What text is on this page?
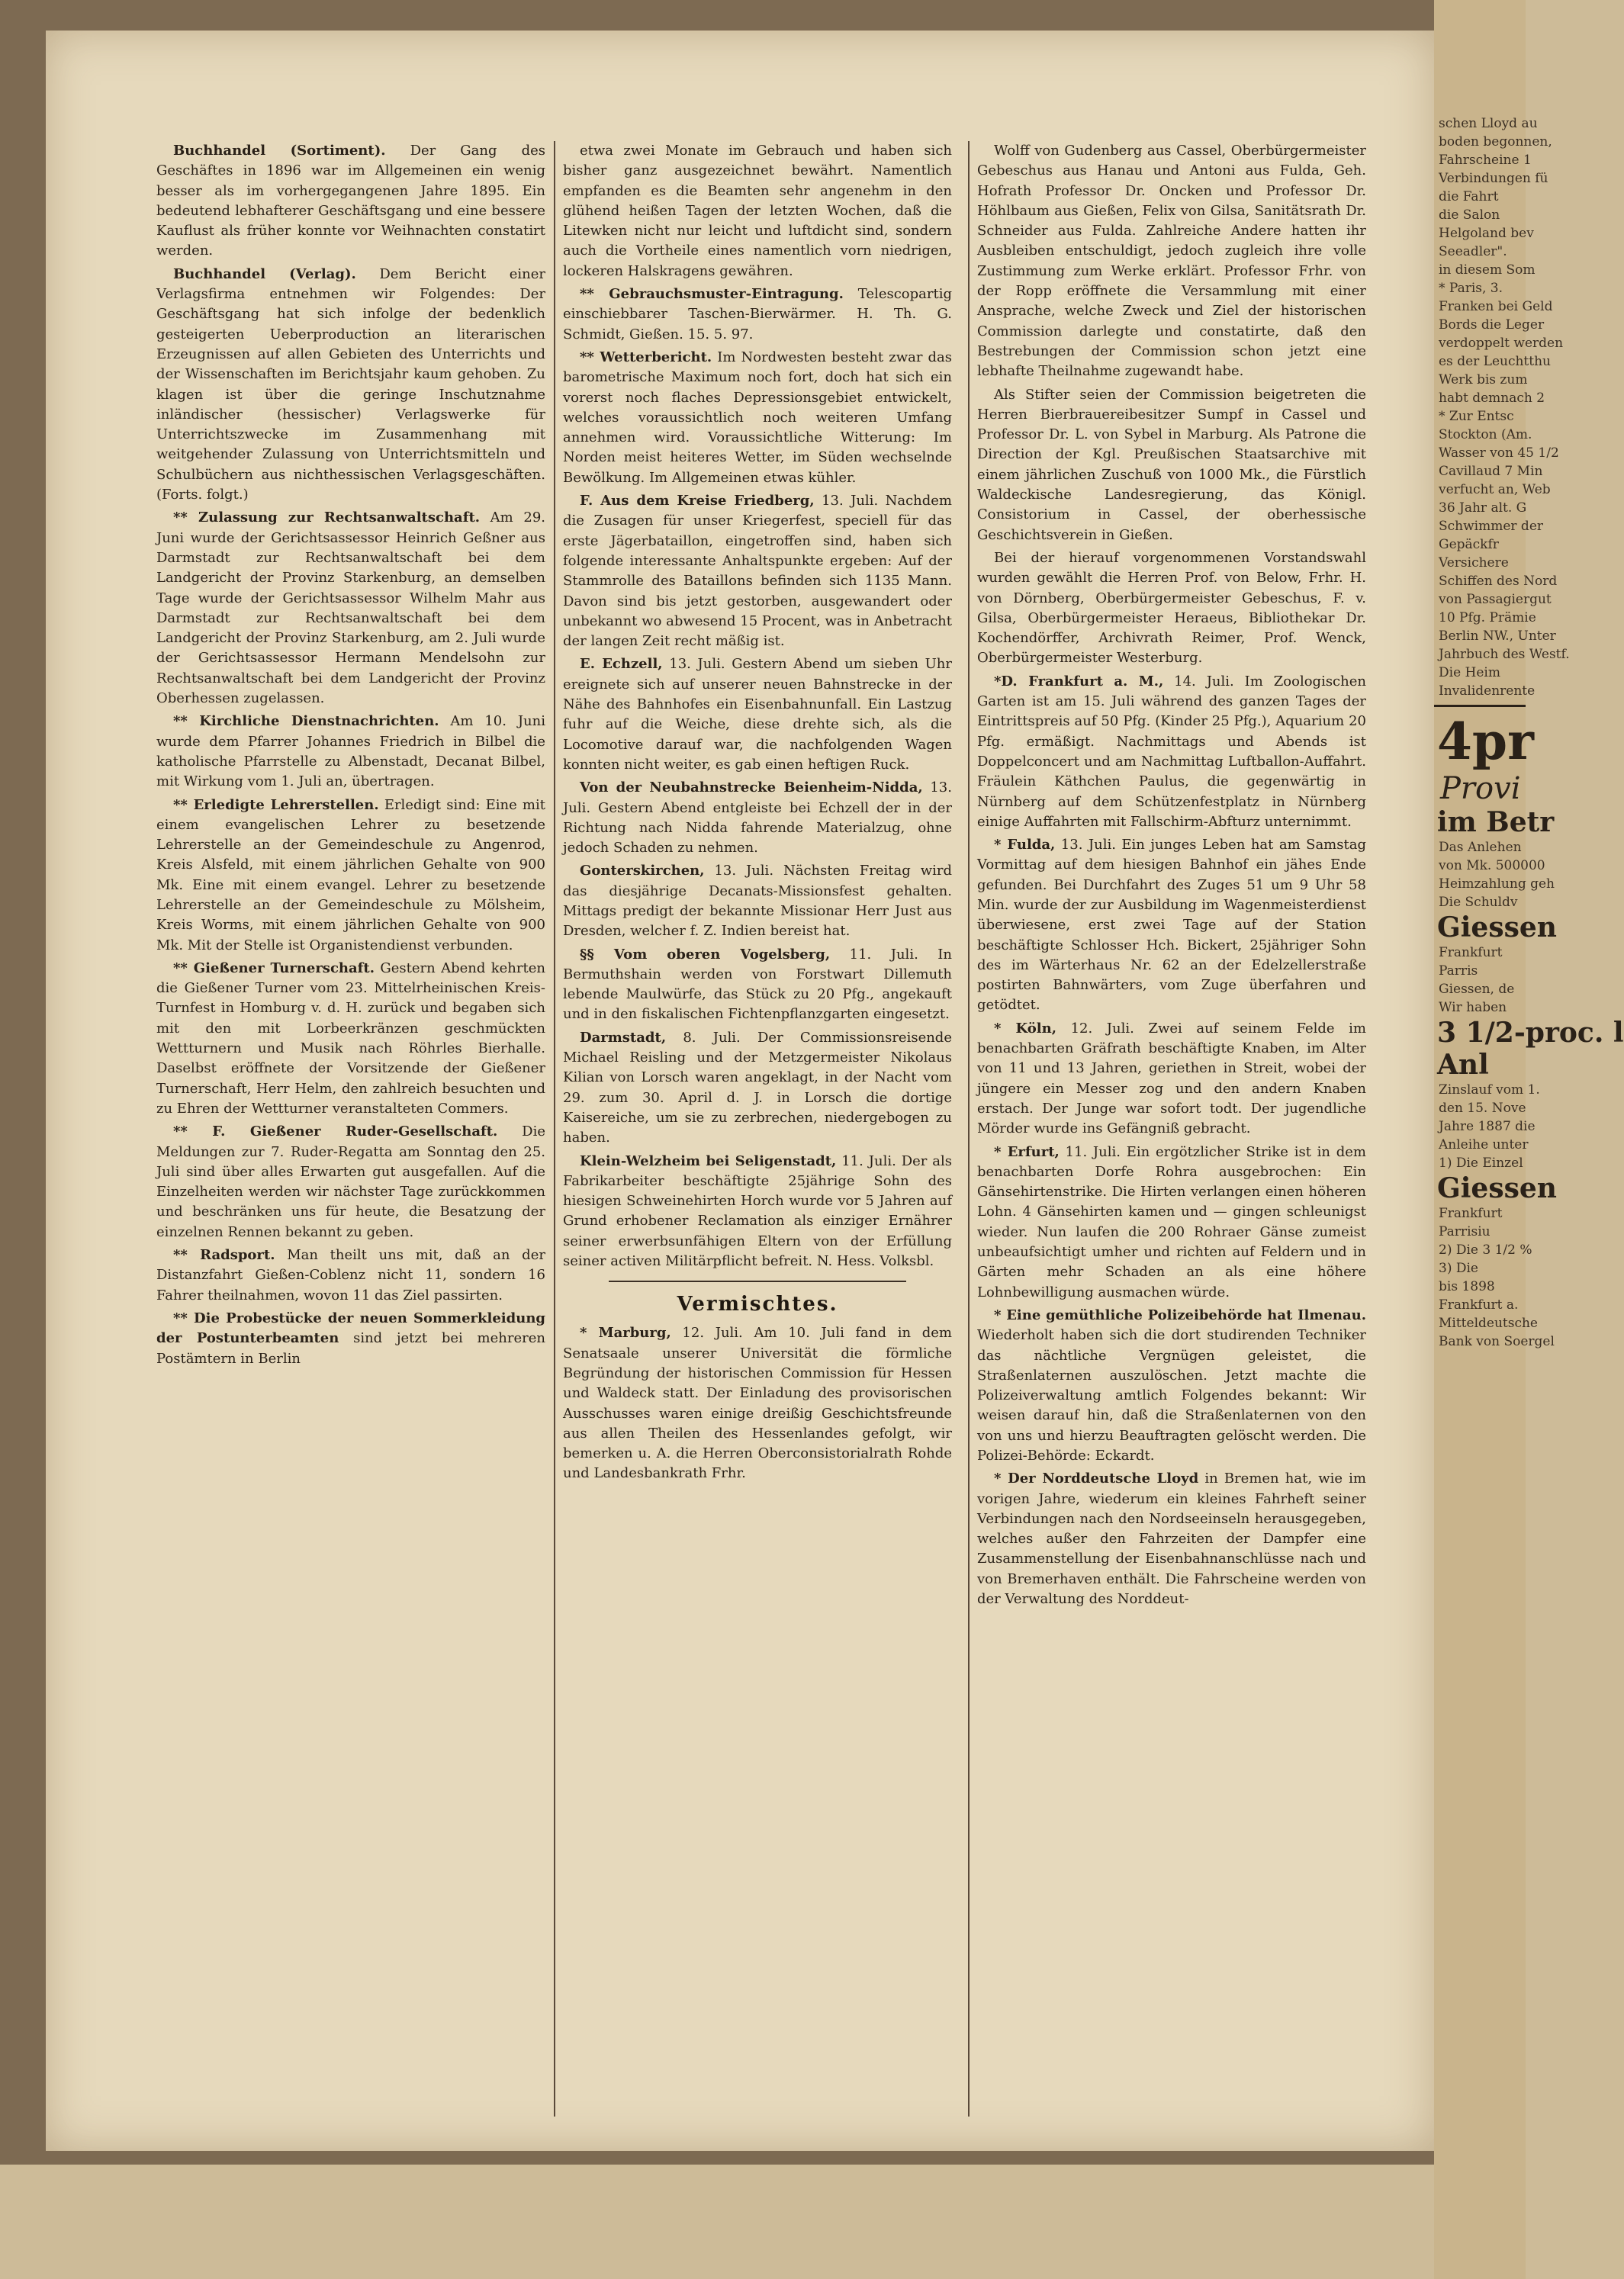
Buchhandel (Sortiment). Der Gang des Geschäftes in 1896 war im Allgemeinen ein wenig besser als im vorhergegangenen Jahre 1895. Ein bedeutend lebhafterer Geschäftsgang und eine bessere Kauflust als früher konnte vor Weihnachten constatirt werden.

Buchhandel (Verlag). Dem Bericht einer Verlagsfirma entnehmen wir Folgendes: Der Geschäftsgang hat sich infolge der bedenklich gesteigerten Ueberproduction an literarischen Erzeugnissen auf allen Gebieten des Unterrichts und der Wissenschaften im Berichtsjahr kaum gehoben. Zu klagen ist über die geringe Inschutznahme inländischer (hessischer) Verlagswerke für Unterrichtszwecke im Zusammenhang mit weitgehender Zulassung von Unterrichtsmitteln und Schulbüchern aus nichthessischen Verlagsgeschäften. (Forts. folgt.)

** Zulassung zur Rechtsanwaltschaft. Am 29. Juni wurde der Gerichtsassessor Heinrich Geßner aus Darmstadt zur Rechtsanwaltschaft bei dem Landgericht der Provinz Starkenburg, an demselben Tage wurde der Gerichtsassessor Wilhelm Mahr aus Darmstadt zur Rechtsanwaltschaft bei dem Landgericht der Provinz Starkenburg, am 2. Juli wurde der Gerichtsassessor Hermann Mendelsohn zur Rechtsanwaltschaft bei dem Landgericht der Provinz Oberhessen zugelassen.

** Kirchliche Dienstnachrichten. Am 10. Juni wurde dem Pfarrer Johannes Friedrich in Bilbel die katholische Pfarrstelle zu Albenstadt, Decanat Bilbel, mit Wirkung vom 1. Juli an, übertragen.

** Erledigte Lehrerstellen. Erledigt sind: Eine mit einem evangelischen Lehrer zu besetzende Lehrerstelle an der Gemeindeschule zu Angenrod, Kreis Alsfeld, mit einem jährlichen Gehalte von 900 Mk. Eine mit einem evangel. Lehrer zu besetzende Lehrerstelle an der Gemeindeschule zu Mölsheim, Kreis Worms, mit einem jährlichen Gehalte von 900 Mk. Mit der Stelle ist Organistendienst verbunden.

** Gießener Turnerschaft. Gestern Abend kehrten die Gießener Turner vom 23. Mittelrheinischen Kreis-Turnfest in Homburg v. d. H. zurück und begaben sich mit den mit Lorbeerkränzen geschmückten Wettturnern und Musik nach Röhrles Bierhalle. Daselbst eröffnete der Vorsitzende der Gießener Turnerschaft, Herr Helm, den zahlreich besuchten und zu Ehren der Wettturner veranstalteten Commers.

** F. Gießener Ruder-Gesellschaft. Die Meldungen zur 7. Ruder-Regatta am Sonntag den 25. Juli sind über alles Erwarten gut ausgefallen. Auf die Einzelheiten werden wir nächster Tage zurückkommen und beschränken uns für heute, die Besatzung der einzelnen Rennen bekannt zu geben.

** Radsport. Man theilt uns mit, daß an der Distanzfahrt Gießen-Coblenz nicht 11, sondern 16 Fahrer theilnahmen, wovon 11 das Ziel passirten.

** Die Probestücke der neuen Sommerkleidung der Postunterbeamten sind jetzt bei mehreren Postämtern in Berlin

etwa zwei Monate im Gebrauch und haben sich bisher ganz ausgezeichnet bewährt. Namentlich empfanden es die Beamten sehr angenehm in den glühend heißen Tagen der letzten Wochen, daß die Litewken nicht nur leicht und luftdicht sind, sondern auch die Vortheile eines namentlich vorn niedrigen, lockeren Halskragens gewähren.

** Gebrauchsmuster-Eintragung. Telescopartig einschiebbarer Taschen-Bierwärmer. H. Th. G. Schmidt, Gießen. 15. 5. 97.

** Wetterbericht. Im Nordwesten besteht zwar das barometrische Maximum noch fort, doch hat sich ein vorerst noch flaches Depressionsgebiet entwickelt, welches voraussichtlich noch weiteren Umfang annehmen wird. Voraussichtliche Witterung: Im Norden meist heiteres Wetter, im Süden wechselnde Bewölkung. Im Allgemeinen etwas kühler.

F. Aus dem Kreise Friedberg, 13. Juli. Nachdem die Zusagen für unser Kriegerfest, speciell für das erste Jägerbataillon, eingetroffen sind, haben sich folgende interessante Anhaltspunkte ergeben: Auf der Stammrolle des Bataillons befinden sich 1135 Mann. Davon sind bis jetzt gestorben, ausgewandert oder unbekannt wo abwesend 15 Procent, was in Anbetracht der langen Zeit recht mäßig ist.

E. Echzell, 13. Juli. Gestern Abend um sieben Uhr ereignete sich auf unserer neuen Bahnstrecke in der Nähe des Bahnhofes ein Eisenbahnunfall. Ein Lastzug fuhr auf die Weiche, diese drehte sich, als die Locomotive darauf war, die nachfolgenden Wagen konnten nicht weiter, es gab einen heftigen Ruck.

Von der Neubahnstrecke Beienheim-Nidda, 13. Juli. Gestern Abend entgleiste bei Echzell der in der Richtung nach Nidda fahrende Materialzug, ohne jedoch Schaden zu nehmen.

Gonterskirchen, 13. Juli. Nächsten Freitag wird das diesjährige Decanats-Missionsfest gehalten. Mittags predigt der bekannte Missionar Herr Just aus Dresden, welcher f. Z. Indien bereist hat.

§§ Vom oberen Vogelsberg, 11. Juli. In Bermuthshain werden von Forstwart Dillemuth lebende Maulwürfe, das Stück zu 20 Pfg., angekauft und in den fiskalischen Fichtenpflanzgarten eingesetzt.

Darmstadt, 8. Juli. Der Commissionsreisende Michael Reisling und der Metzgermeister Nikolaus Kilian von Lorsch waren angeklagt, in der Nacht vom 29. zum 30. April d. J. in Lorsch die dortige Kaisereiche, um sie zu zerbrechen, niedergebogen zu haben.

Klein-Welzheim bei Seligenstadt, 11. Juli. Der als Fabrikarbeiter beschäftigte 25jährige Sohn des hiesigen Schweinehirten Horch wurde vor 5 Jahren auf Grund erhobener Reclamation als einziger Ernährer seiner erwerbsunfähigen Eltern von der Erfüllung seiner activen Militärpflicht befreit. N. Hess. Volksbl.

Vermischtes.

* Marburg, 12. Juli. Am 10. Juli fand in dem Senatsaale unserer Universität die förmliche Begründung der historischen Commission für Hessen und Waldeck statt. Der Einladung des provisorischen Ausschusses waren einige dreißig Geschichtsfreunde aus allen Theilen des Hessenlandes gefolgt, wir bemerken u. A. die Herren Oberconsistorialrath Rohde und Landesbankrath Frhr.

Wolff von Gudenberg aus Cassel, Oberbürgermeister Gebeschus aus Hanau und Antoni aus Fulda, Geh. Hofrath Professor Dr. Oncken und Professor Dr. Höhlbaum aus Gießen, Felix von Gilsa, Sanitätsrath Dr. Schneider aus Fulda. Zahlreiche Andere hatten ihr Ausbleiben entschuldigt, jedoch zugleich ihre volle Zustimmung zum Werke erklärt. Professor Frhr. von der Ropp eröffnete die Versammlung mit einer Ansprache, welche Zweck und Ziel der historischen Commission darlegte und constatirte, daß den Bestrebungen der Commission schon jetzt eine lebhafte Theilnahme zugewandt habe.

Als Stifter seien der Commission beigetreten die Herren Bierbrauereibesitzer Sumpf in Cassel und Professor Dr. L. von Sybel in Marburg. Als Patrone die Direction der Kgl. Preußischen Staatsarchive mit einem jährlichen Zuschuß von 1000 Mk., die Fürstlich Waldeckische Landesregierung, das Königl. Consistorium in Cassel, der oberhessische Geschichtsverein in Gießen.

Bei der hierauf vorgenommenen Vorstandswahl wurden gewählt die Herren Prof. von Below, Frhr. H. von Dörnberg, Oberbürgermeister Gebeschus, F. v. Gilsa, Oberbürgermeister Heraeus, Bibliothekar Dr. Kochendörffer, Archivrath Reimer, Prof. Wenck, Oberbürgermeister Westerburg.

*D. Frankfurt a. M., 14. Juli. Im Zoologischen Garten ist am 15. Juli während des ganzen Tages der Eintrittspreis auf 50 Pfg. (Kinder 25 Pfg.), Aquarium 20 Pfg. ermäßigt. Nachmittags und Abends ist Doppelconcert und am Nachmittag Luftballon-Auffahrt. Fräulein Käthchen Paulus, die gegenwärtig in Nürnberg auf dem Schützenfestplatz in Nürnberg einige Auffahrten mit Fallschirm-Abfturz unternimmt.

* Fulda, 13. Juli. Ein junges Leben hat am Samstag Vormittag auf dem hiesigen Bahnhof ein jähes Ende gefunden. Bei Durchfahrt des Zuges 51 um 9 Uhr 58 Min. wurde der zur Ausbildung im Wagenmeisterdienst überwiesene, erst zwei Tage auf der Station beschäftigte Schlosser Hch. Bickert, 25jähriger Sohn des im Wärterhaus Nr. 62 an der Edelzellerstraße postirten Bahnwärters, vom Zuge überfahren und getödtet.

* Köln, 12. Juli. Zwei auf seinem Felde im benachbarten Gräfrath beschäftigte Knaben, im Alter von 11 und 13 Jahren, geriethen in Streit, wobei der jüngere ein Messer zog und den andern Knaben erstach. Der Junge war sofort todt. Der jugendliche Mörder wurde ins Gefängniß gebracht.

* Erfurt, 11. Juli. Ein ergötzlicher Strike ist in dem benachbarten Dorfe Rohra ausgebrochen: Ein Gänsehirtenstrike. Die Hirten verlangen einen höheren Lohn. 4 Gänsehirten kamen und — gingen schleunigst wieder. Nun laufen die 200 Rohraer Gänse zumeist unbeaufsichtigt umher und richten auf Feldern und in Gärten mehr Schaden an als eine höhere Lohnbewilligung ausmachen würde.

* Eine gemüthliche Polizeibehörde hat Ilmenau. Wiederholt haben sich die dort studirenden Techniker das nächtliche Vergnügen geleistet, die Straßenlaternen auszulöschen. Jetzt machte die Polizeiverwaltung amtlich Folgendes bekannt: Wir weisen darauf hin, daß die Straßenlaternen von den von uns und hierzu Beauftragten gelöscht werden. Die Polizei-Behörde: Eckardt.

* Der Norddeutsche Lloyd in Bremen hat, wie im vorigen Jahre, wiederum ein kleines Fahrheft seiner Verbindungen nach den Nordseeinseln herausgegeben, welches außer den Fahrzeiten der Dampfer eine Zusammenstellung der Eisenbahnanschlüsse nach und von Bremerhaven enthält. Die Fahrscheine werden von der Verwaltung des Norddeut-

schen Lloyd au
boden begonnen,
Fahrscheine 1
Verbindungen fü
die Fahrt
die Salon
Helgoland bev
Seeadler".
in diesem Som
* Paris, 3.
Franken bei Geld
Bords die Leger
verdoppelt werden
es der Leuchtthu
Werk bis zum
habt demnach 2
* Zur Entsc
Stockton (Am.
Wasser von 45 1/2
Cavillaud 7 Min
verfucht an, Web
36 Jahr alt. G
Schwimmer der
Gepäckfr
Versichere
Schiffen des Nord
von Passagiergut
10 Pfg. Prämie
Berlin NW., Unter
Jahrbuch des Westf.
Die Heim
Invalidenrente
4pr
Provi
im Betr
Das Anlehen
von Mk. 500000
Heimzahlung geh
Die Schuldv
Giessen
Frankfurt
Parris
Giessen, de
Wir haben
3 1/2-proc. l
Anl
Zinslauf vom 1.
den 15. Nove
Jahre 1887 die
Anleihe unter
1) Die Einzel
Giessen
Frankfurt
Parrisiu
2) Die 3 1/2 %
3) Die
bis 1898
Frankfurt a.
Mitteldeutsche
Bank von Soergel
